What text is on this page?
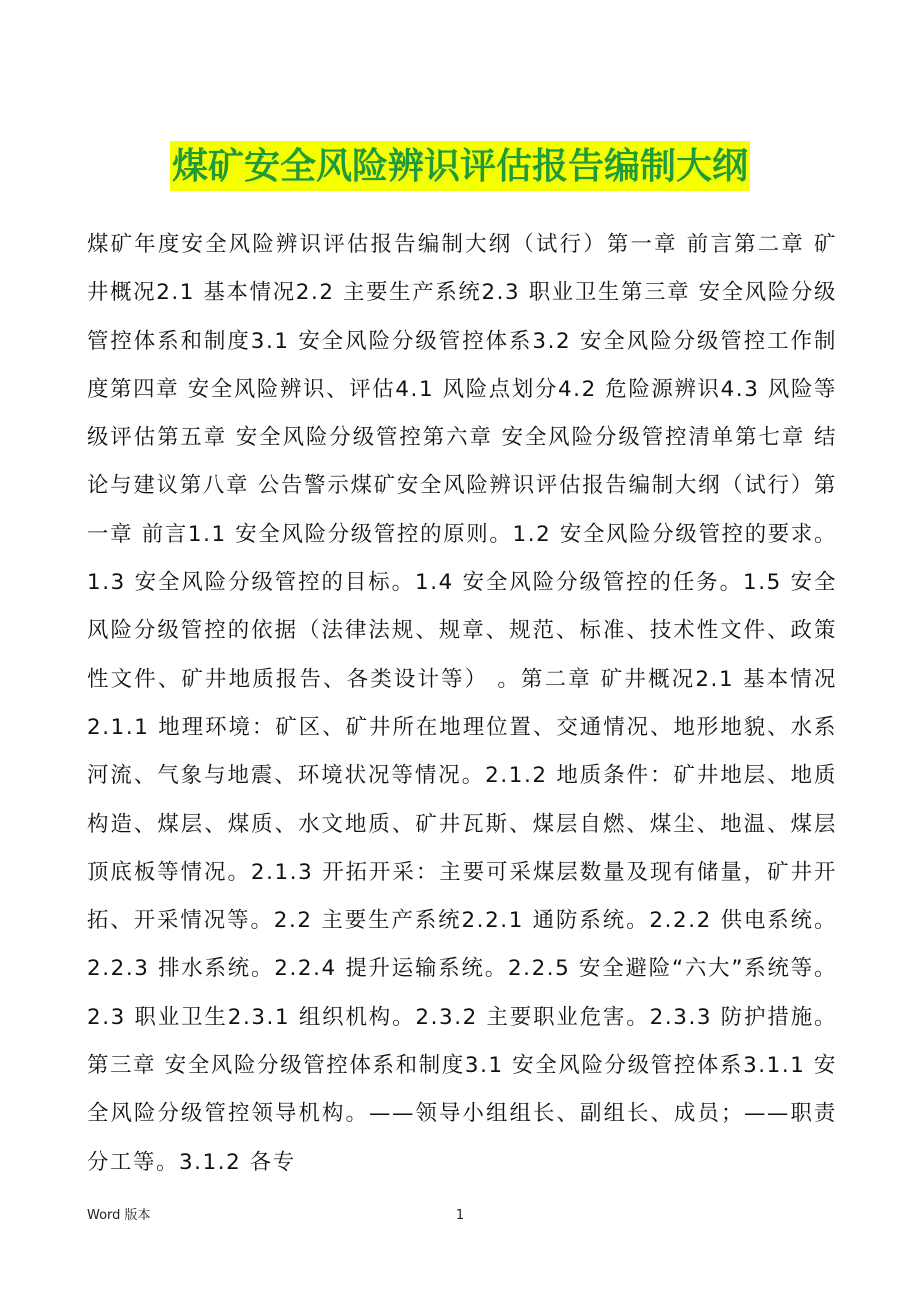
煤矿安全风险辨识评估报告编制大纲
煤矿年度安全风险辨识评估报告编制大纲（试行）第一章 前言第二章 矿井概况2.1 基本情况2.2 主要生产系统2.3 职业卫生第三章 安全风险分级管控体系和制度3.1 安全风险分级管控体系3.2 安全风险分级管控工作制度第四章 安全风险辨识、评估4.1 风险点划分4.2 危险源辨识4.3 风险等级评估第五章 安全风险分级管控第六章 安全风险分级管控清单第七章 结论与建议第八章 公告警示煤矿安全风险辨识评估报告编制大纲（试行）第一章 前言1.1 安全风险分级管控的原则。1.2 安全风险分级管控的要求。1.3 安全风险分级管控的目标。1.4 安全风险分级管控的任务。1.5 安全风险分级管控的依据（法律法规、规章、规范、标准、技术性文件、政策性文件、矿井地质报告、各类设计等） 。第二章 矿井概况2.1 基本情况2.1.1 地理环境：矿区、矿井所在地理位置、交通情况、地形地貌、水系河流、气象与地震、环境状况等情况。2.1.2 地质条件：矿井地层、地质构造、煤层、煤质、水文地质、矿井瓦斯、煤层自燃、煤尘、地温、煤层顶底板等情况。2.1.3 开拓开采：主要可采煤层数量及现有储量，矿井开拓、开采情况等。2.2 主要生产系统2.2.1 通防系统。2.2.2 供电系统。2.2.3 排水系统。2.2.4 提升运输系统。2.2.5 安全避险“六大”系统等。2.3 职业卫生2.3.1 组织机构。2.3.2 主要职业危害。2.3.3 防护措施。第三章 安全风险分级管控体系和制度3.1 安全风险分级管控体系3.1.1 安全风险分级管控领导机构。——领导小组组长、副组长、成员；——职责分工等。3.1.2 各专
Word 版本	1
